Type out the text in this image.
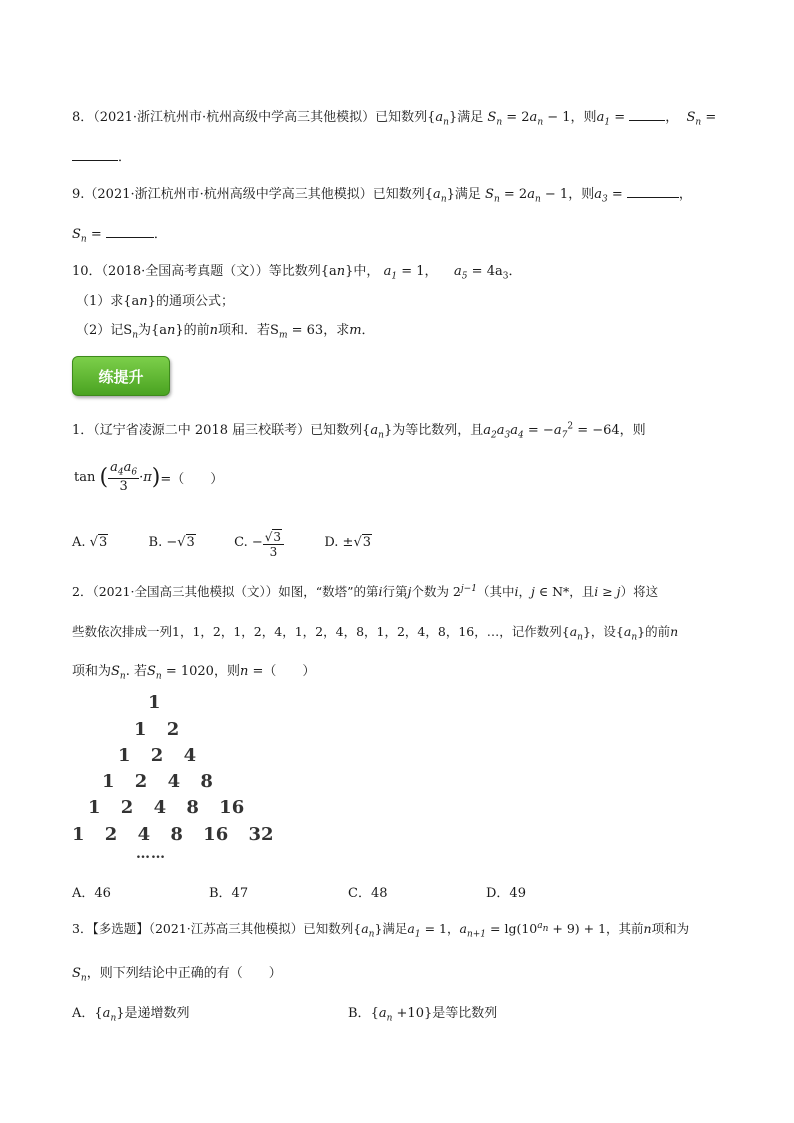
8．（2021·浙江杭州市·杭州高级中学高三其他模拟）已知数列$\{a_n\}$满足 $S_n = 2a_n - 1$，则$a_1$ =	，  $S_n$ =
．
9.（2021·浙江杭州市·杭州高级中学高三其他模拟）已知数列$\{a_n\}$满足 $S_n = 2a_n - 1$，则$a_3$ =	，
$S_n$ =	．
10．（2018·全国高考真题（文））等比数列{an}中， $a_1 = 1$，    $a_5 = 4a_3$．
（1）求{an}的通项公式；
（2）记$S_n$为{an}的前n项和．若$S_m = 63$，求m．
练提升
1．（辽宁省凌源二中 2018 届三校联考）已知数列$\{a_n\}$为等比数列，且$a_2a_3a_4 = -a_7^2 = -64$，则
tan
( $\frac{a_4a_6}{3} \cdot\pi$ ) =（　　）
A. √3	B. −√3	C. − $\frac{√3}{3}$	D. ±√3
2．（2021·全国高三其他模拟（文））如图，“数塔”的第i行第j个数为 $2^{j-1}$（其中i，j ∈ N*，且i ≥ j）将这
些数依次排成一列1，1，2，1，2，4，1，2，4，8，1，2，4，8，16，…，记作数列$\{a_n\}$，设$\{a_n\}$的前n
项和为$S_n$. 若$S_n = 1020$，则n =（　　）
1
1 2
1 2 4
1 2 4 8
1 2 4 8 16
1 2 4 8 16 32
……
A．46	B．47	C．48	D．49
3．【多选题】（2021·江苏高三其他模拟）已知数列$\{a_n\}$满足$a_1 = 1$，$a_{n+1} = \lg(10^{a_n} + 9) + 1$，其前n项和为
$S_n$，则下列结论中正确的有（　　）
A．$\{a_n\}$是递增数列	B．$\{a_n +10\}$是等比数列
